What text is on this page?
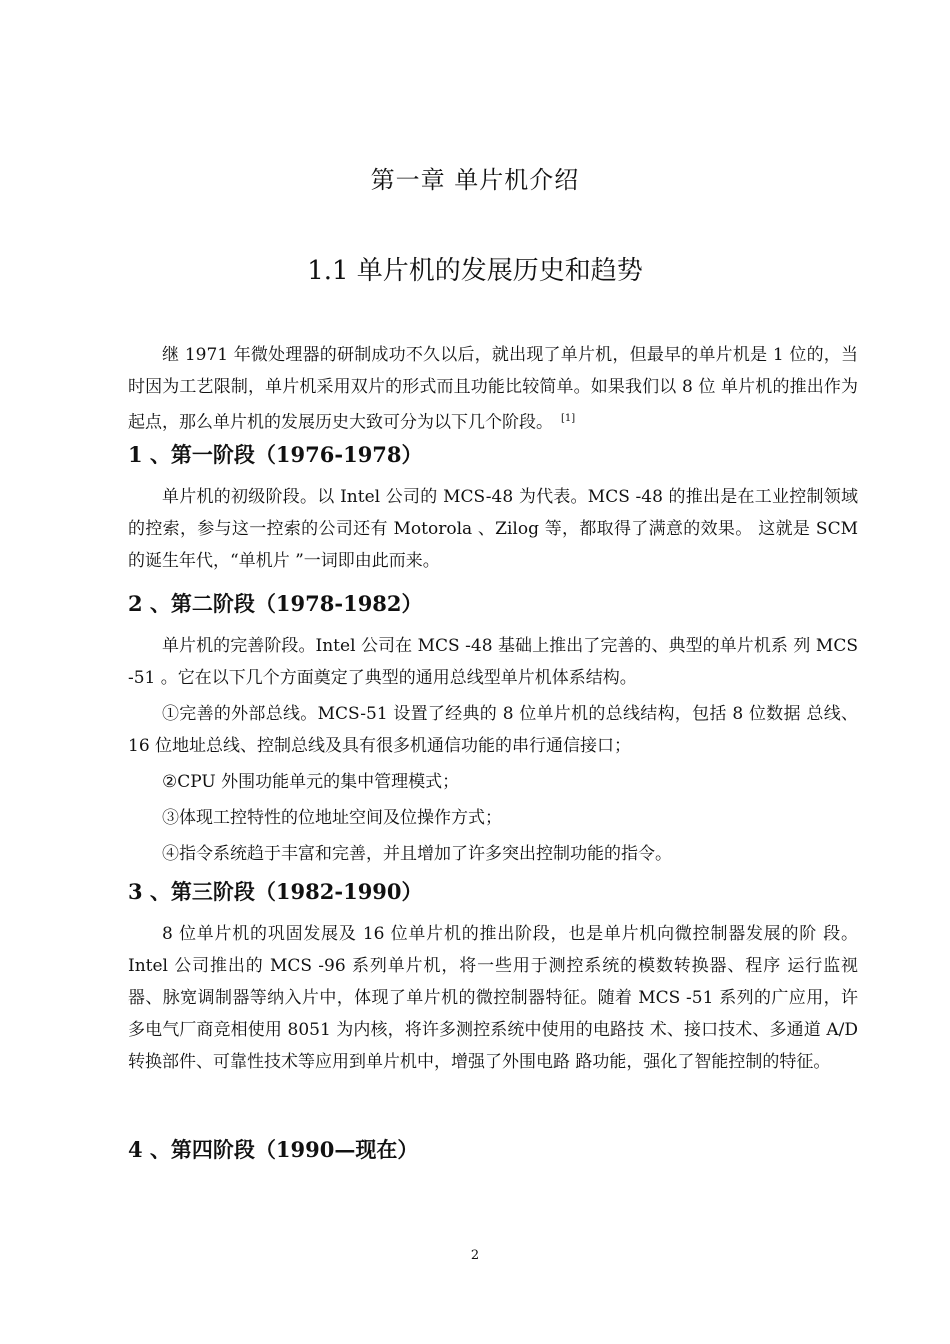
第一章 单片机介绍
1.1 单片机的发展历史和趋势

继 1971 年微处理器的研制成功不久以后，就出现了单片机，但最早的单片机是 1 位的，当时因为工艺限制，单片机采用双片的形式而且功能比较简单。如果我们以 8 位 单片机的推出作为起点，那么单片机的发展历史大致可分为以下几个阶段。 [1]

1 、第一阶段（1976-1978）

单片机的初级阶段。以 Intel 公司的 MCS-48 为代表。MCS -48 的推出是在工业控制领域的控索，参与这一控索的公司还有 Motorola 、Zilog 等，都取得了满意的效果。 这就是 SCM 的诞生年代，“单机片 ”一词即由此而来。

2 、第二阶段（1978-1982）

单片机的完善阶段。Intel 公司在 MCS -48 基础上推出了完善的、典型的单片机系 列 MCS -51 。它在以下几个方面奠定了典型的通用总线型单片机体系结构。

①完善的外部总线。MCS-51 设置了经典的 8 位单片机的总线结构，包括 8 位数据 总线、16 位地址总线、控制总线及具有很多机通信功能的串行通信接口；

②CPU 外围功能单元的集中管理模式；

③体现工控特性的位地址空间及位操作方式；

④指令系统趋于丰富和完善，并且增加了许多突出控制功能的指令。

3 、第三阶段（1982-1990）

8 位单片机的巩固发展及 16 位单片机的推出阶段，也是单片机向微控制器发展的阶 段。Intel 公司推出的 MCS -96 系列单片机，将一些用于测控系统的模数转换器、程序 运行监视器、脉宽调制器等纳入片中，体现了单片机的微控制器特征。随着 MCS -51 系列的广应用，许多电气厂商竞相使用 8051 为内核，将许多测控系统中使用的电路技 术、接口技术、多通道 A/D 转换部件、可靠性技术等应用到单片机中，增强了外围电路 路功能，强化了智能控制的特征。

4 、第四阶段（1990—现在）
2
